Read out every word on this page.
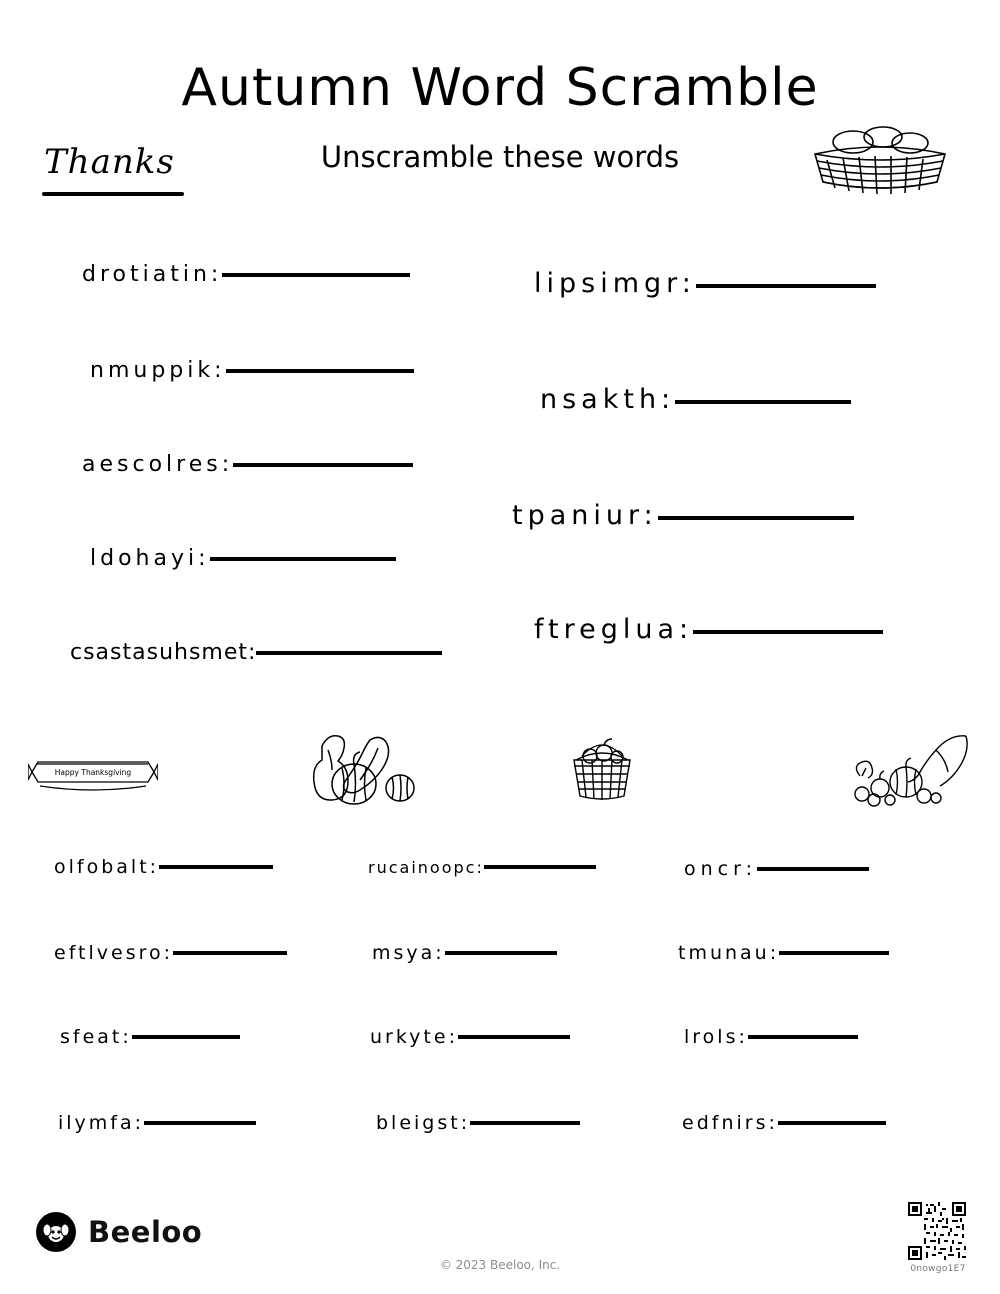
Autumn Word Scramble
Unscramble these words
Thanks
drotiatin:
nmuppik:
aescolres:
ldohayi:
csastasuhsmet:
lipsimgr:
nsakth:
tpaniur:
ftreglua:
Happy Thanksgiving
olfobalt:
eftlvesro:
sfeat:
ilymfa:
rucainoopc:
msya:
urkyte:
bleigst:
oncr:
tmunau:
lrols:
edfnirs:
Beeloo
© 2023 Beeloo, Inc.	0nowgo1E7
